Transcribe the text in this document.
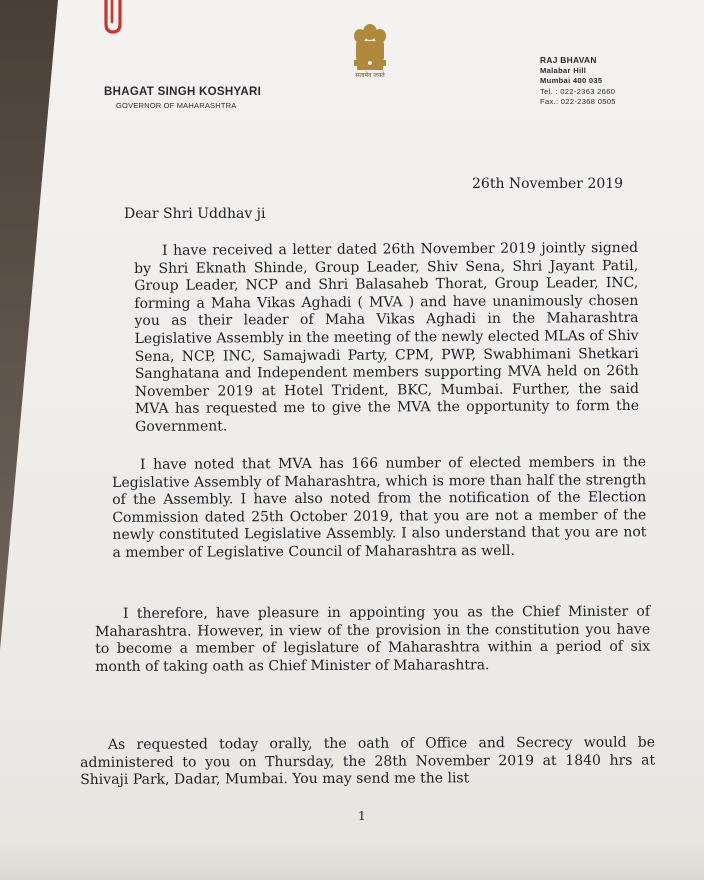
सत्यमेव जयते
BHAGAT SINGH KOSHYARI
GOVERNOR OF MAHARASHTRA
RAJ BHAVAN
Malabar Hill
Mumbai 400 035
Tel. : 022-2363 2660
Fax.: 022-2368 0505
26th November 2019
Dear Shri Uddhav ji
I have received a letter dated 26th November 2019 jointly signed by Shri Eknath Shinde, Group Leader, Shiv Sena, Shri Jayant Patil, Group Leader, NCP and Shri Balasaheb Thorat, Group Leader, INC, forming a Maha Vikas Aghadi ( MVA ) and have unanimously chosen you as their leader of Maha Vikas Aghadi in the Maharashtra Legislative Assembly in the meeting of the newly elected MLAs of Shiv Sena, NCP, INC, Samajwadi Party, CPM, PWP, Swabhimani Shetkari Sanghatana and Independent members supporting MVA held on 26th November 2019 at Hotel Trident, BKC, Mumbai. Further, the said MVA has requested me to give the MVA the opportunity to form the Government.
I have noted that MVA has 166 number of elected members in the Legislative Assembly of Maharashtra, which is more than half the strength of the Assembly. I have also noted from the notification of the Election Commission dated 25th October 2019, that you are not a member of the newly constituted Legislative Assembly. I also understand that you are not a member of Legislative Council of Maharashtra as well.
I therefore, have pleasure in appointing you as the Chief Minister of Maharashtra. However, in view of the provision in the constitution you have to become a member of legislature of Maharashtra within a period of six month of taking oath as Chief Minister of Maharashtra.
As requested today orally, the oath of Office and Secrecy would be administered to you on Thursday, the 28th November 2019 at 1840 hrs at Shivaji Park, Dadar, Mumbai. You may send me the list
1
